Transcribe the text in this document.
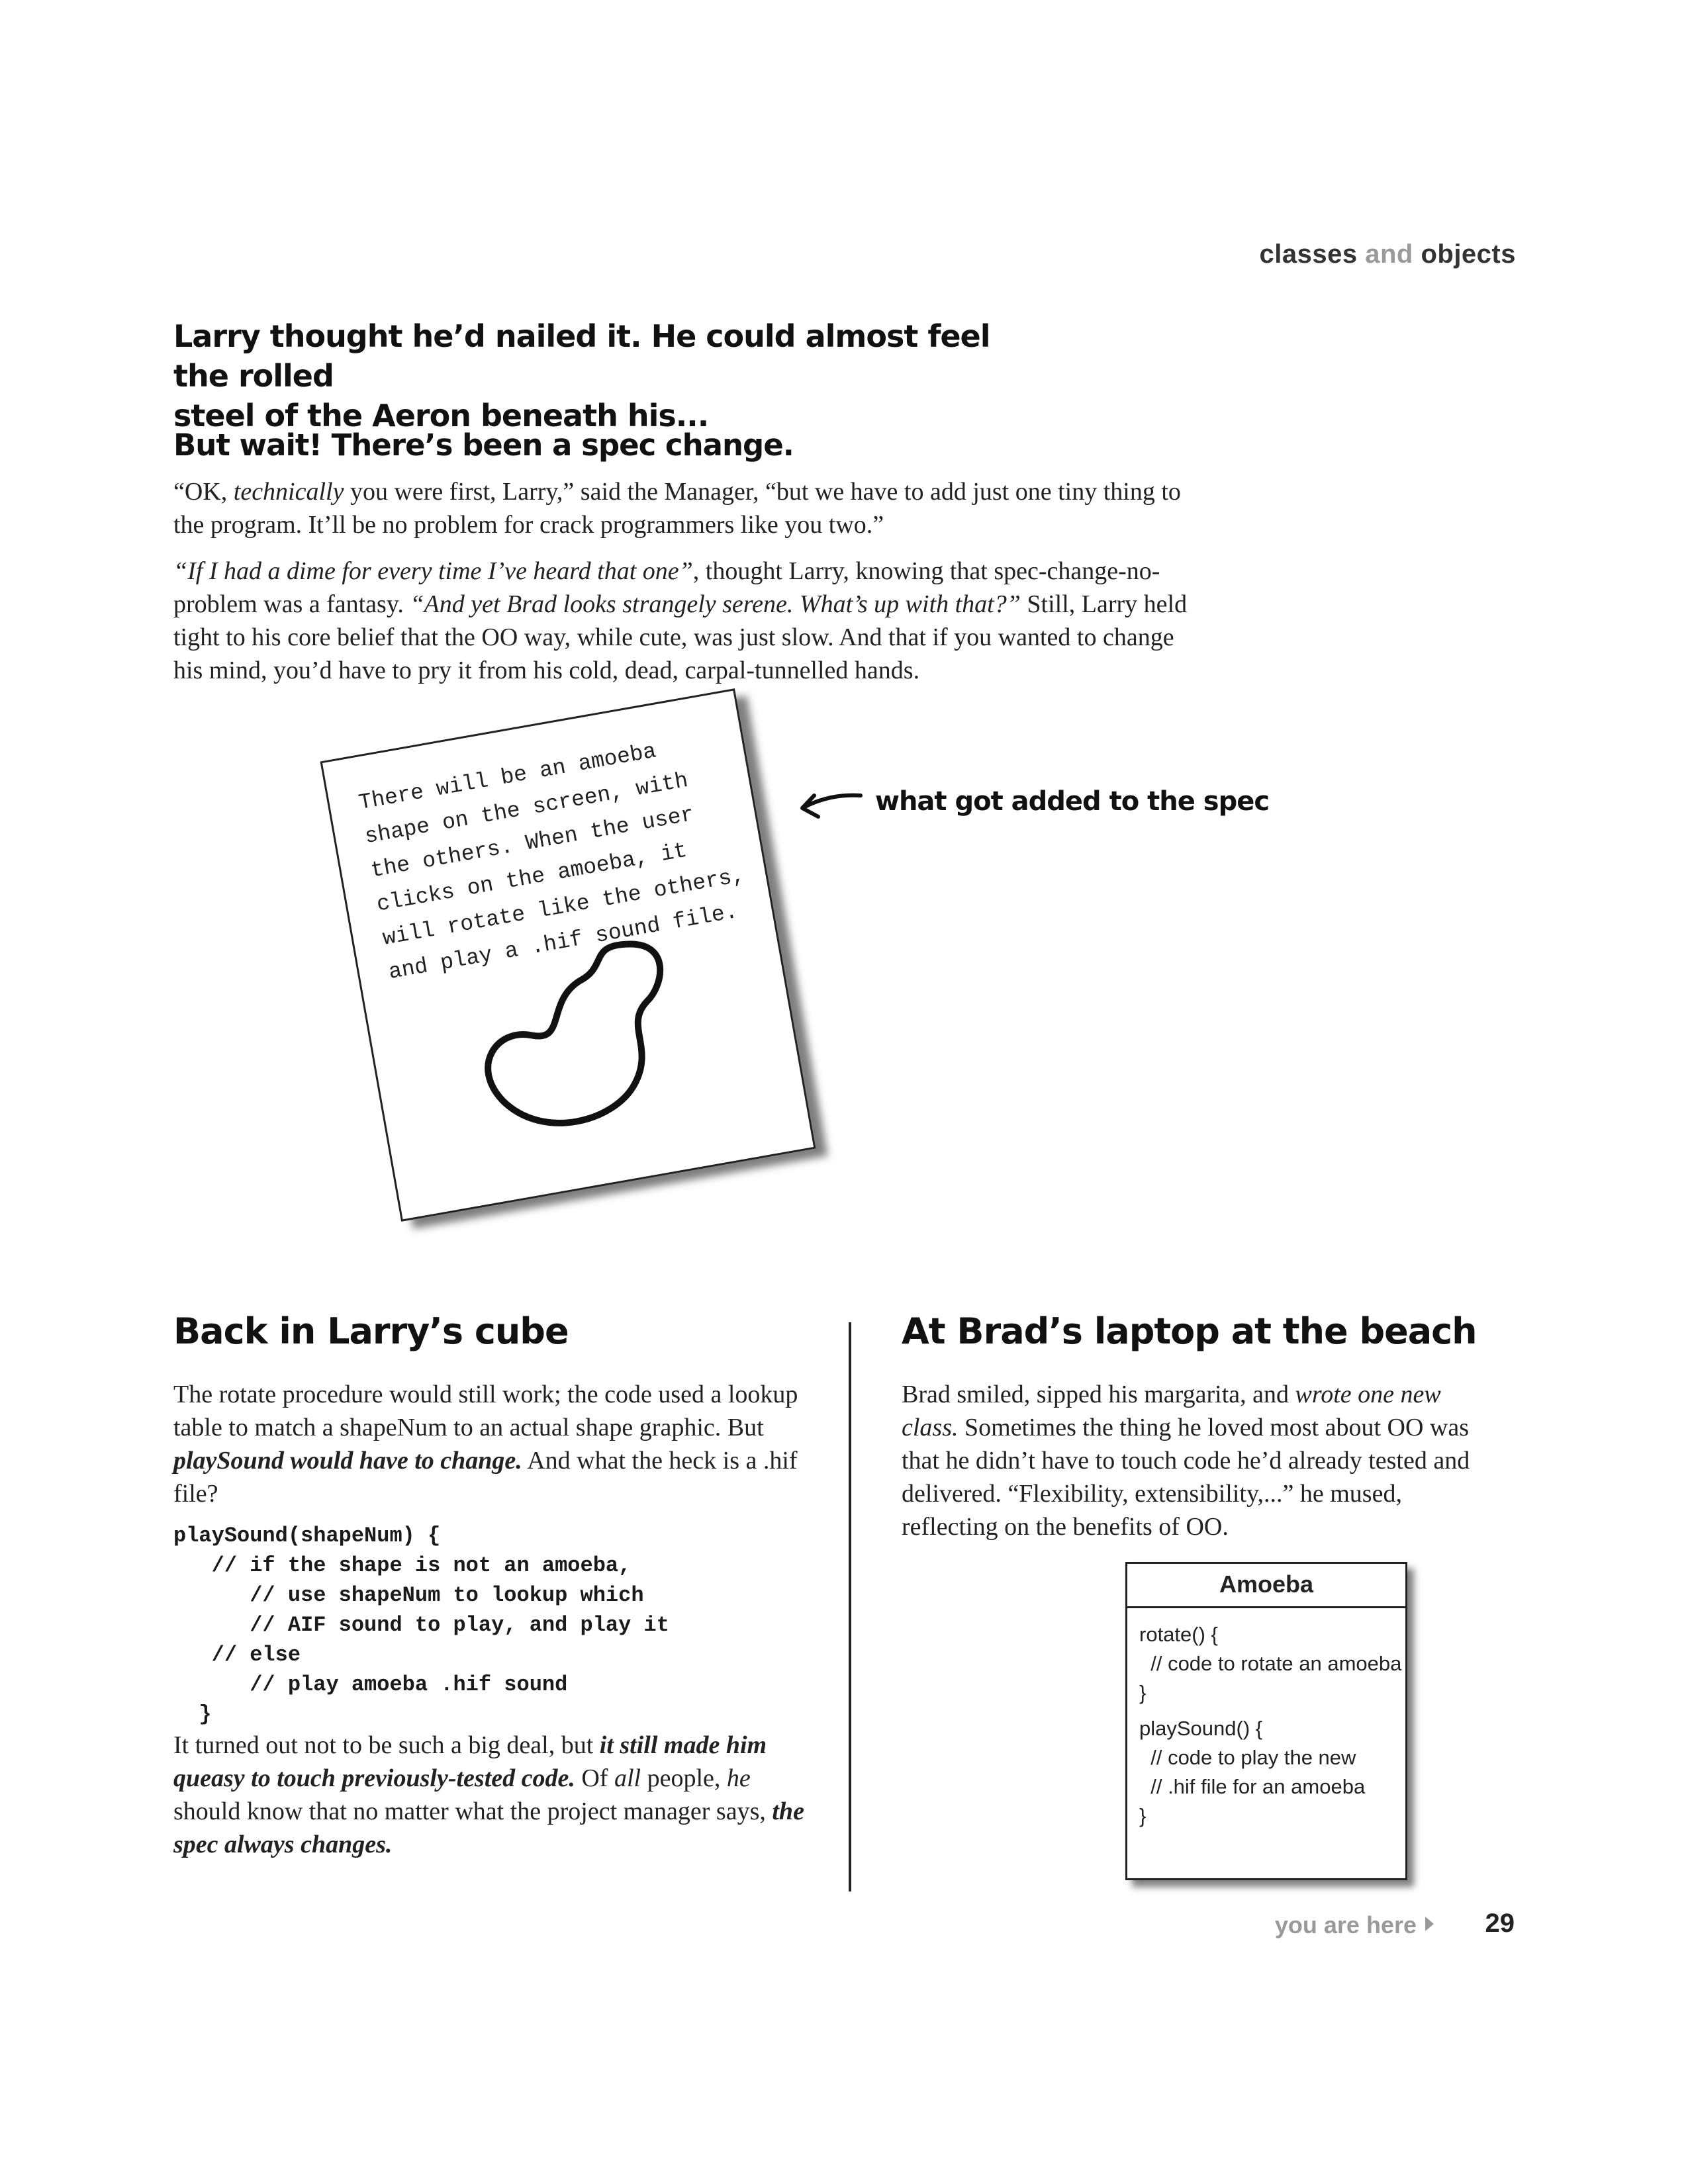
classes and objects
Larry thought he’d nailed it. He could almost feel the rolled
steel of the Aeron beneath his...
But wait! There’s been a spec change.
“OK, technically you were first, Larry,” said the Manager, “but we have to add just one tiny thing to the program. It’ll be no problem for crack programmers like you two.”
“If I had a dime for every time I’ve heard that one”, thought Larry, knowing that spec-change-no-problem was a fantasy. “And yet Brad looks strangely serene. What’s up with that?” Still, Larry held tight to his core belief that the OO way, while cute, was just slow. And that if you wanted to change his mind, you’d have to pry it from his cold, dead, carpal-tunnelled hands.
There will be an amoeba shape on the screen, with the others. When the user clicks on the amoeba, it will rotate like the others, and play a .hif sound file.
what got added to the spec
Back in Larry’s cube	At Brad’s laptop at the beach
The rotate procedure would still work; the code used a lookup table to match a shapeNum to an actual shape graphic. But playSound would have to change. And what the heck is a .hif file?
playSound(shapeNum) {
// if the shape is not an amoeba,
// use shapeNum to lookup which
// AIF sound to play, and play it
// else
// play amoeba .hif sound
}
It turned out not to be such a big deal, but it still made him queasy to touch previously-tested code. Of all people, he should know that no matter what the project manager says, the spec always changes.
Brad smiled, sipped his margarita, and wrote one new class. Sometimes the thing he loved most about OO was that he didn’t have to touch code he’d already tested and delivered. “Flexibility, extensibility,...” he mused, reflecting on the benefits of OO.
Amoeba
rotate() {
// code to rotate an amoeba
}
playSound() {
// code to play the new
// .hif file for an amoeba
}
you are here	29
